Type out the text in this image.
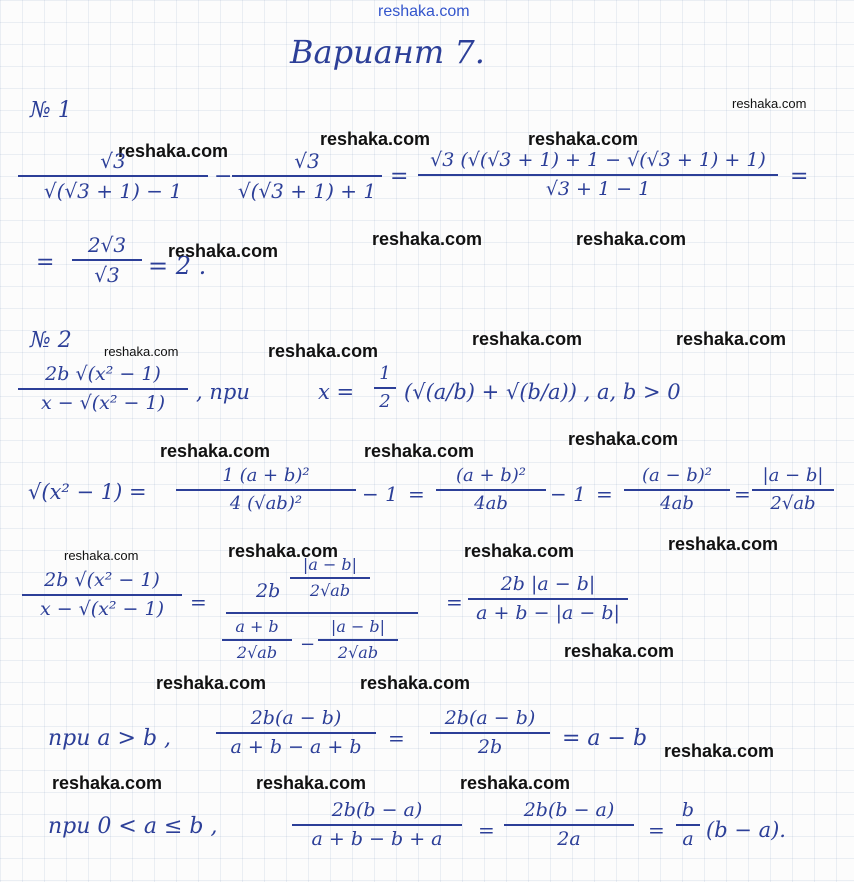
reshaka.com
reshaka.com
reshaka.com
reshaka.com	reshaka.com
reshaka.com
reshaka.com	reshaka.com
reshaka.com	reshaka.com
reshaka.com	reshaka.com
reshaka.com	reshaka.com
reshaka.com
reshaka.com	reshaka.com	reshaka.com	reshaka.com
reshaka.com
reshaka.com	reshaka.com
reshaka.com
reshaka.com	reshaka.com	reshaka.com
Вариант 7.
№ 1
√3
√(√3 + 1) − 1
−
√3
√(√3 + 1) + 1
=
√3 (√(√3 + 1) + 1 − √(√3 + 1) + 1)
√3 + 1 − 1	=
=
2√3
√3	= 2 .
№ 2
2b √(x² − 1)
x − √(x² − 1)	, при	x =
1
2 (√(a/b) + √(b/a)) , a, b > 0
√(x² − 1) =
1 (a + b)²
4 (√ab)²	− 1 =
(a + b)²
4ab	− 1 =
(a − b)²
4ab	=
|a − b|
2√ab
2b √(x² − 1)
x − √(x² − 1)	=	2b
|a − b|
2√ab
a + b
2√ab	−
|a − b|
2√ab
=
2b |a − b|
a + b − |a − b|
при a > b ,
2b(a − b)
a + b − a + b	=
2b(a − b)
2b	= a − b
при 0 < a ≤ b ,
2b(b − a)
a + b − b + a	=
2b(b − a)
2a	=
b
a (b − a).
